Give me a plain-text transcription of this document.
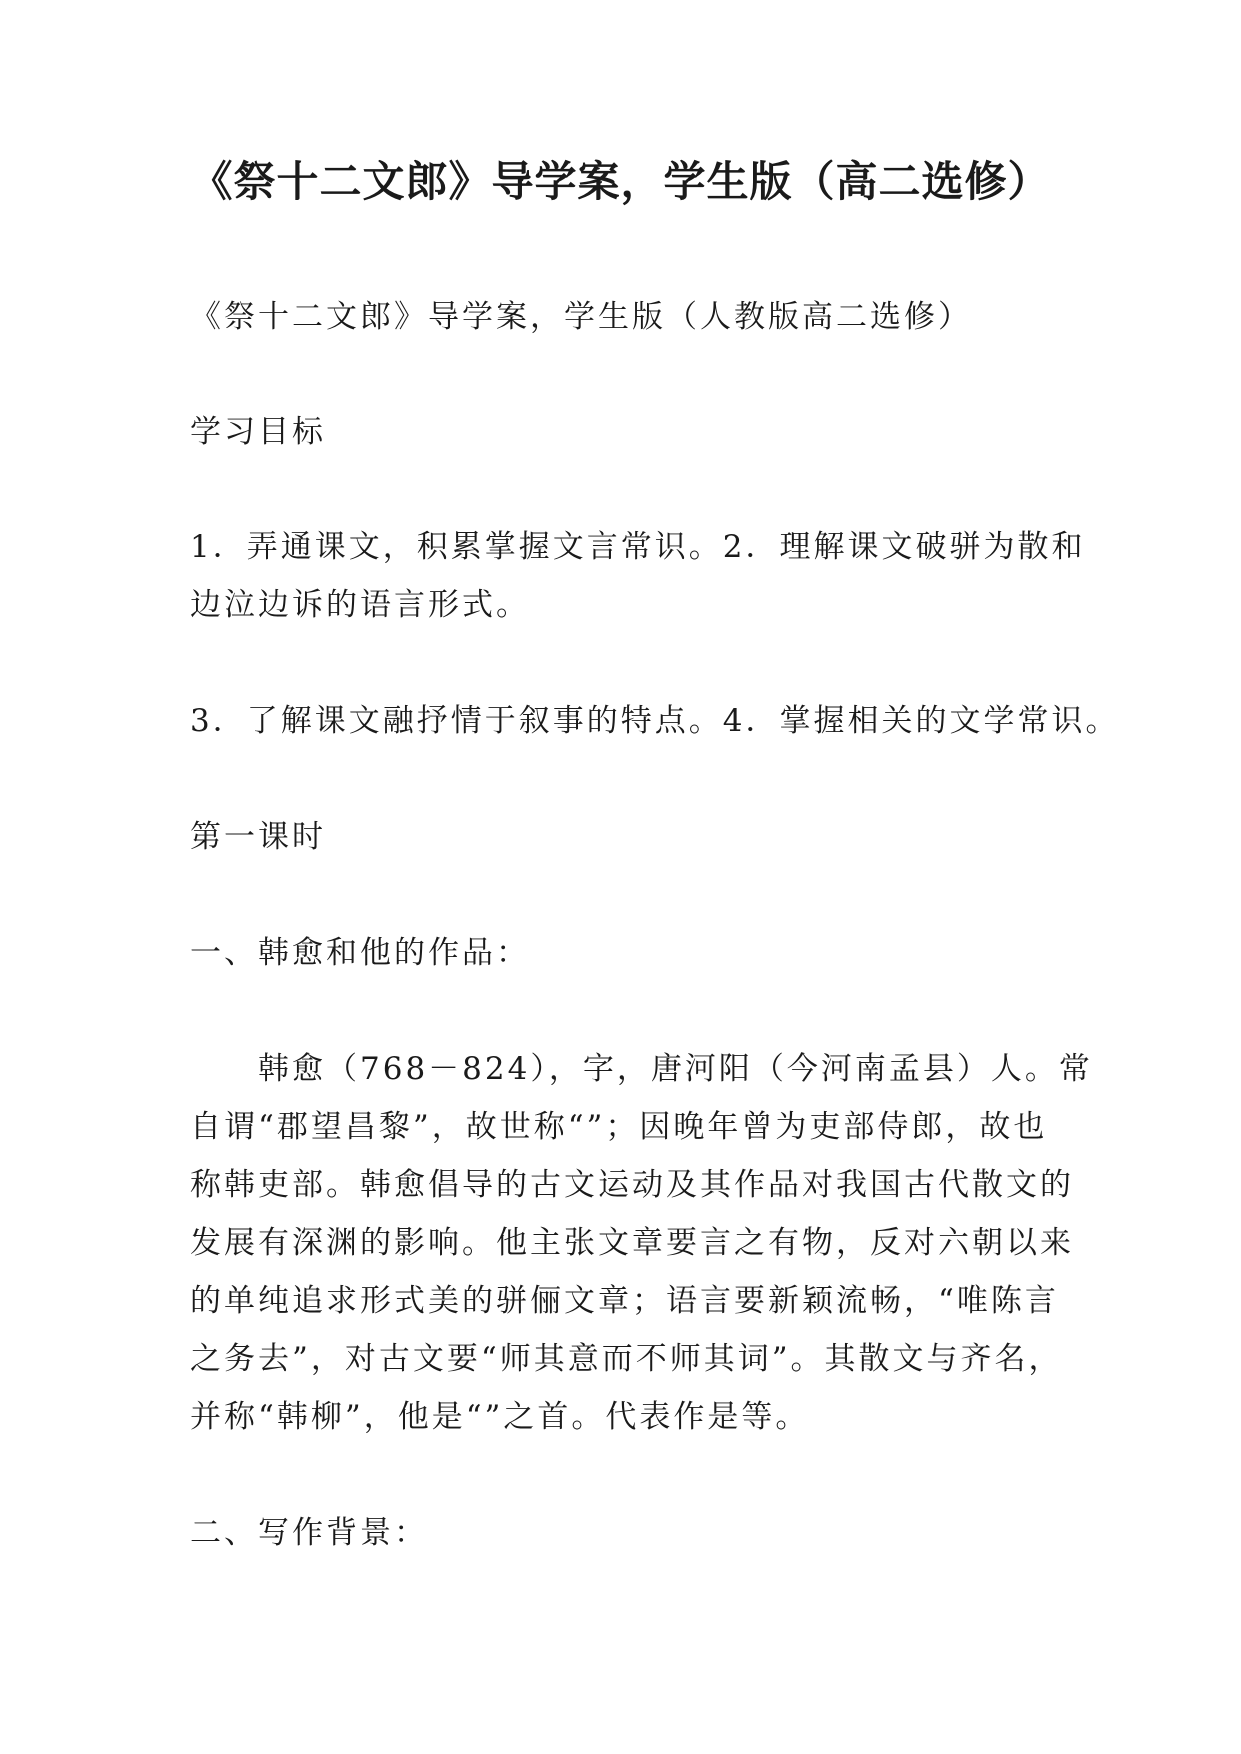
《祭十二文郎》导学案，学生版（高二选修）
《祭十二文郎》导学案，学生版（人教版高二选修）
学习目标
1．弄通课文，积累掌握文言常识。2．理解课文破骈为散和
边泣边诉的语言形式。
3．了解课文融抒情于叙事的特点。4．掌握相关的文学常识。
第一课时
一、韩愈和他的作品：
　　韩愈（768－824），字，唐河阳（今河南孟县）人。常
自谓“郡望昌黎”，故世称“”；因晚年曾为吏部侍郎，故也
称韩吏部。韩愈倡导的古文运动及其作品对我国古代散文的
发展有深渊的影响。他主张文章要言之有物，反对六朝以来
的单纯追求形式美的骈俪文章；语言要新颖流畅，“唯陈言
之务去”，对古文要“师其意而不师其词”。其散文与齐名，
并称“韩柳”，他是“”之首。代表作是等。
二、写作背景：
